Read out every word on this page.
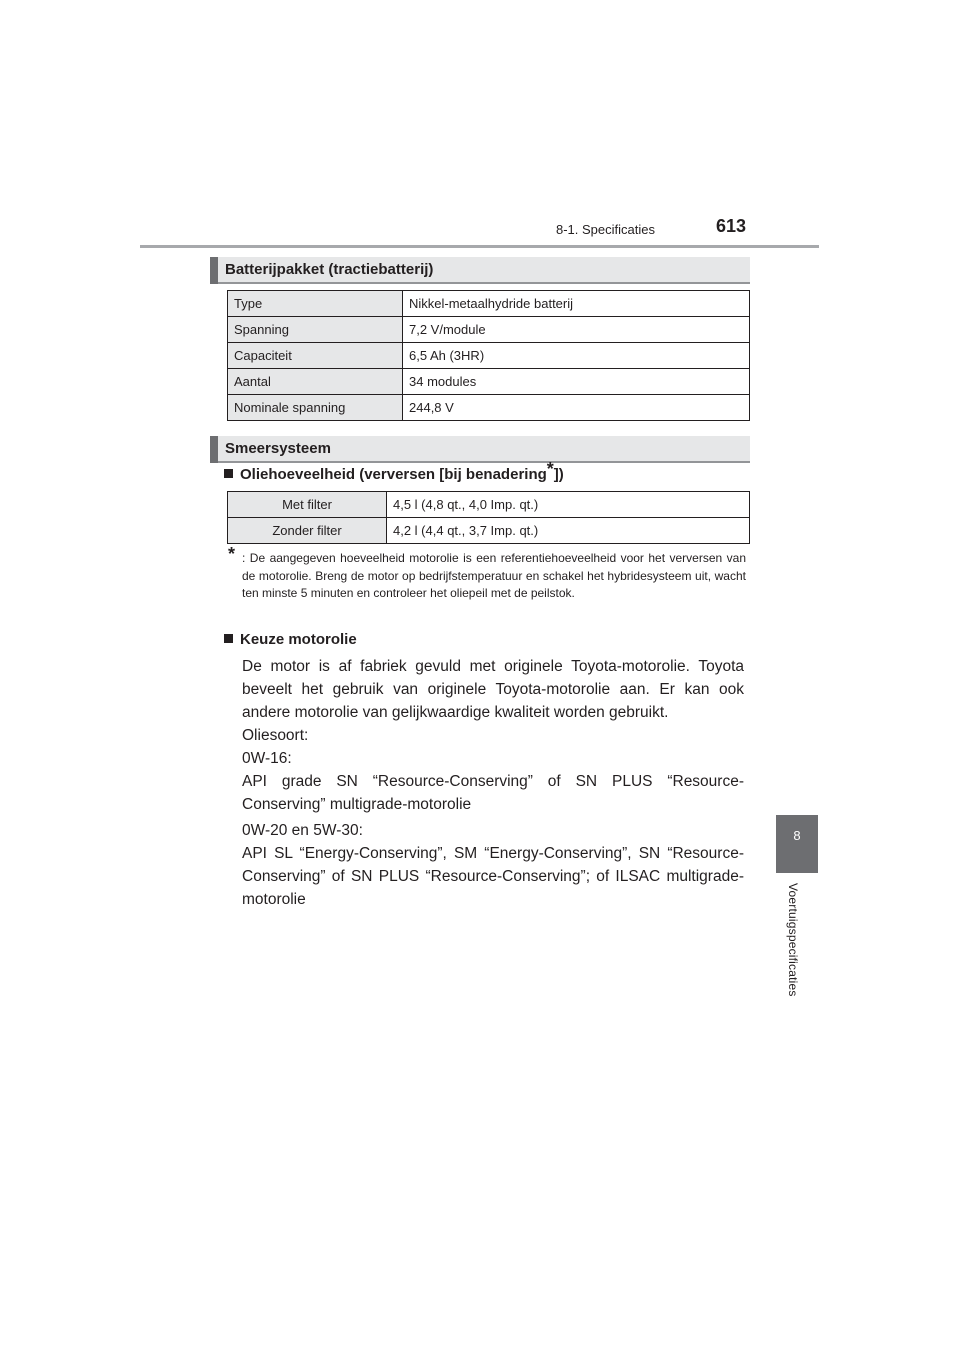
8-1. Specificaties	613
8
Voertuigspecificaties
Batterijpakket (tractiebatterij)
Type	Nikkel-metaalhydride batterij
Spanning	7,2 V/module
Capaciteit	6,5 Ah (3HR)
Aantal	34 modules
Nominale spanning	244,8 V
Smeersysteem
Oliehoeveelheid (verversen [bij benadering*])
Met filter	4,5 l (4,8 qt., 4,0 Imp. qt.)
Zonder filter	4,2 l (4,4 qt., 3,7 Imp. qt.)
* : De aangegeven hoeveelheid motorolie is een referentiehoeveelheid voor het verversen van de motorolie. Breng de motor op bedrijfstemperatuur en schakel het hybridesysteem uit, wacht ten minste 5 minuten en controleer het oliepeil met de peilstok.
Keuze motorolie

De motor is af fabriek gevuld met originele Toyota-motorolie. Toyota beveelt het gebruik van originele Toyota-motorolie aan. Er kan ook andere motorolie van gelijkwaardige kwaliteit worden gebruikt.

Oliesoort:

0W-16:

API grade SN “Resource-Conserving” of SN PLUS “Resource-Conserving” multigrade-motorolie

0W-20 en 5W-30:

API SL “Energy-Conserving”, SM “Energy-Conserving”, SN “Resource-Conserving” of SN PLUS “Resource-Conserving”; of ILSAC multigrade-motorolie
